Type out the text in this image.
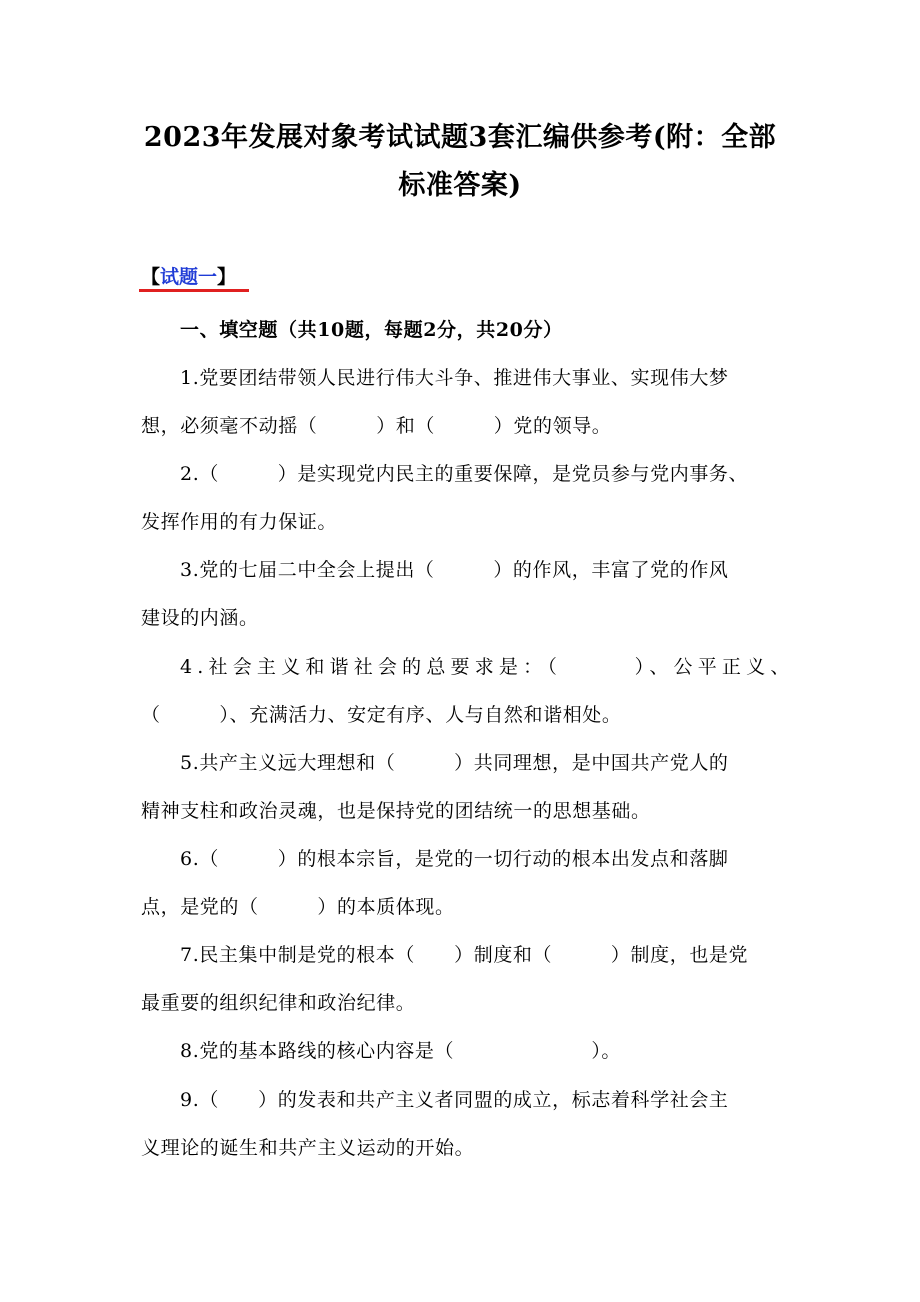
2023年发展对象考试试题3套汇编供参考(附：全部
标准答案)
【试题一】
一、填空题（共10题，每题2分，共20分）
1.党要团结带领人民进行伟大斗争、推进伟大事业、实现伟大梦
想，必须毫不动摇（　　　）和（　　　）党的领导。
2.（　　　）是实现党内民主的重要保障，是党员参与党内事务、
发挥作用的有力保证。
3.党的七届二中全会上提出（　　　）的作风，丰富了党的作风
建设的内涵。
4.社会主义和谐社会的总要求是：（　　　）、公平正义、
（　　　）、充满活力、安定有序、人与自然和谐相处。
5.共产主义远大理想和（　　　）共同理想，是中国共产党人的
精神支柱和政治灵魂，也是保持党的团结统一的思想基础。
6.（　　　）的根本宗旨，是党的一切行动的根本出发点和落脚
点，是党的（　　　）的本质体现。
7.民主集中制是党的根本（　　）制度和（　　　）制度，也是党
最重要的组织纪律和政治纪律。
8.党的基本路线的核心内容是（　　　　　　　）。
9.（　　）的发表和共产主义者同盟的成立，标志着科学社会主
义理论的诞生和共产主义运动的开始。
